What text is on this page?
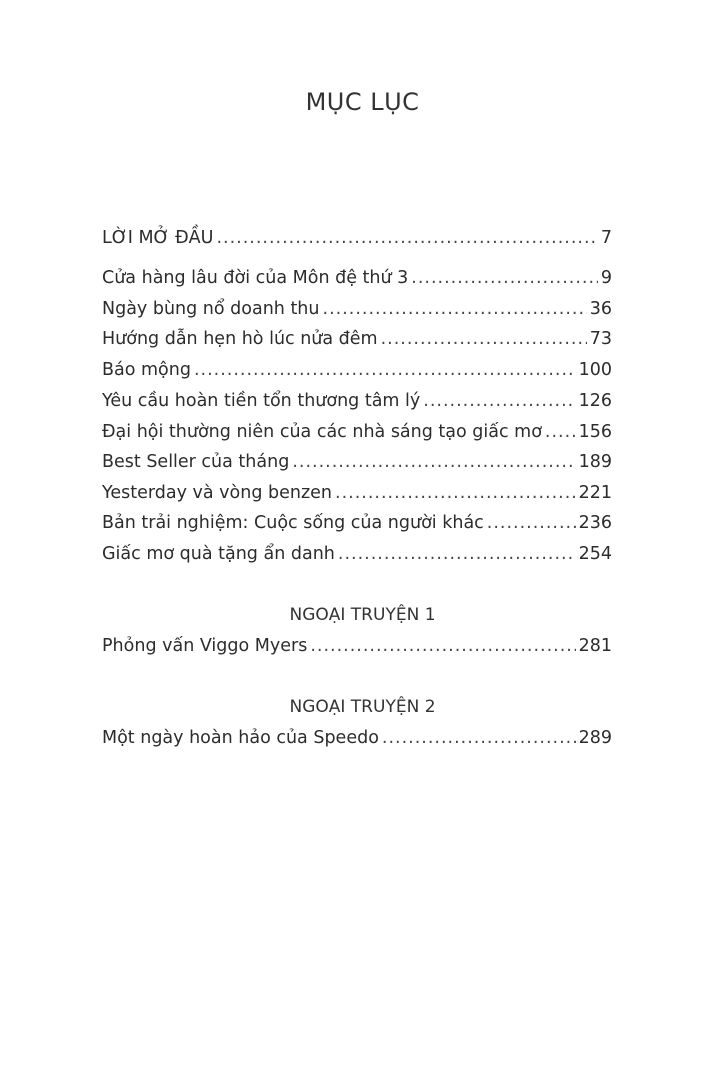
MỤC LỤC
LỜI MỞ ĐẦU .....	7
Cửa hàng lâu đời của Môn đệ thứ 3 .....	9
Ngày bùng nổ doanh thu .....	36
Hướng dẫn hẹn hò lúc nửa đêm .....	73
Báo mộng .....	100
Yêu cầu hoàn tiền tổn thương tâm lý .....	126
Đại hội thường niên của các nhà sáng tạo giấc mơ ..... 156
Best Seller của tháng .....	189
Yesterday và vòng benzen .....	221
Bản trải nghiệm: Cuộc sống của người khác .....	236
Giấc mơ quà tặng ẩn danh .....	254
NGOẠI TRUYỆN 1
Phỏng vấn Viggo Myers .....	281
NGOẠI TRUYỆN 2
Một ngày hoàn hảo của Speedo .....	289
